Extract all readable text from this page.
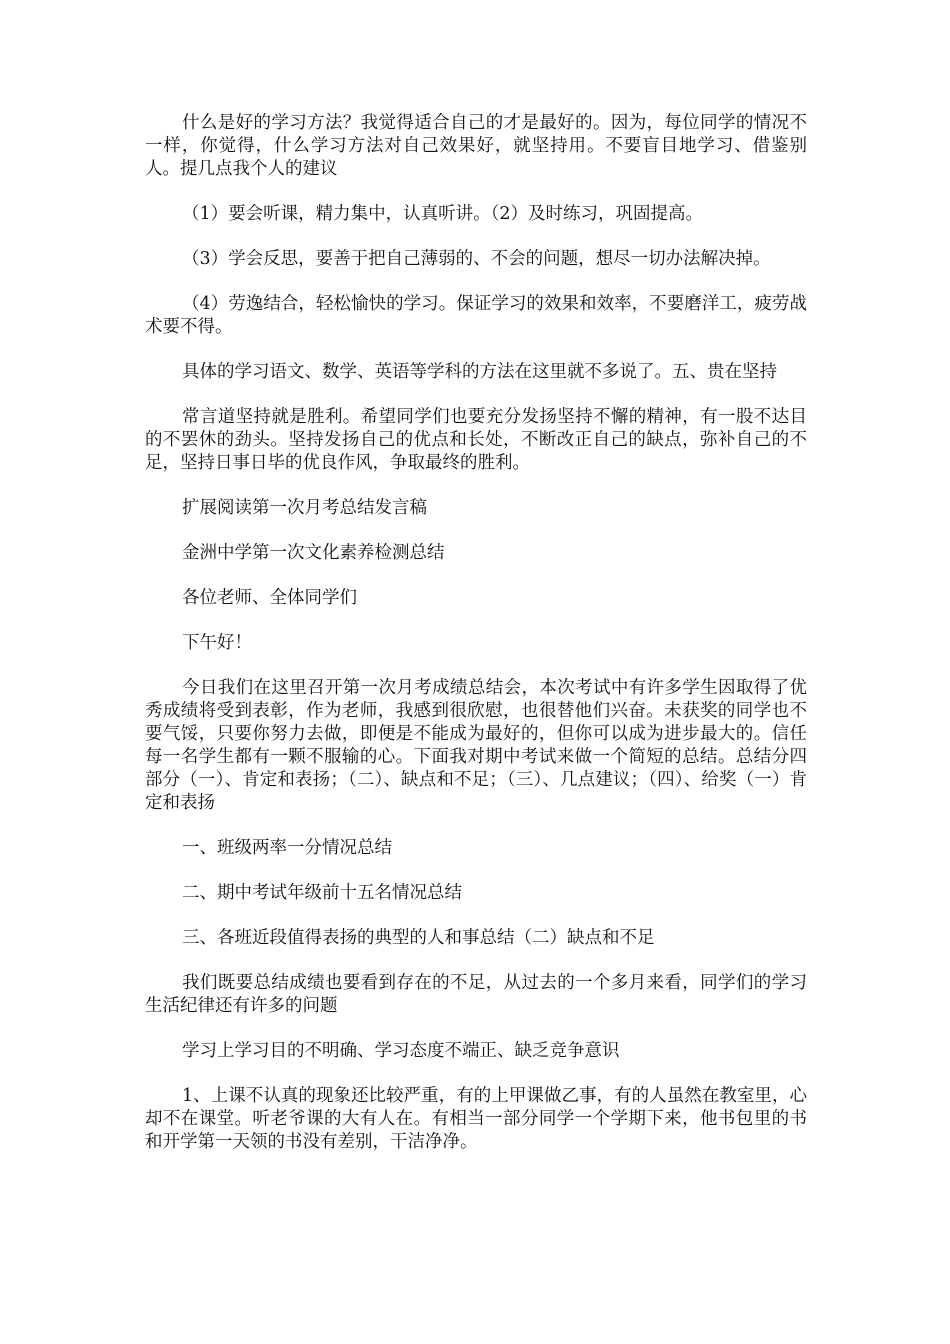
什么是好的学习方法？我觉得适合自己的才是最好的。因为，每位同学的情况不一样，你觉得，什么学习方法对自己效果好，就坚持用。不要盲目地学习、借鉴别人。提几点我个人的建议

（1）要会听课，精力集中，认真听讲。（2）及时练习，巩固提高。

（3）学会反思，要善于把自己薄弱的、不会的问题，想尽一切办法解决掉。

（4）劳逸结合，轻松愉快的学习。保证学习的效果和效率，不要磨洋工，疲劳战术要不得。

具体的学习语文、数学、英语等学科的方法在这里就不多说了。五、贵在坚持

常言道坚持就是胜利。希望同学们也要充分发扬坚持不懈的精神，有一股不达目的不罢休的劲头。坚持发扬自己的优点和长处，不断改正自己的缺点，弥补自己的不足，坚持日事日毕的优良作风，争取最终的胜利。

扩展阅读第一次月考总结发言稿

金洲中学第一次文化素养检测总结

各位老师、全体同学们

下午好！

今日我们在这里召开第一次月考成绩总结会，本次考试中有许多学生因取得了优秀成绩将受到表彰，作为老师，我感到很欣慰，也很替他们兴奋。未获奖的同学也不要气馁，只要你努力去做，即便是不能成为最好的，但你可以成为进步最大的。信任每一名学生都有一颗不服输的心。下面我对期中考试来做一个简短的总结。总结分四部分（一）、肯定和表扬；（二）、缺点和不足；（三）、几点建议；（四）、给奖（一）肯定和表扬

一、班级两率一分情况总结

二、期中考试年级前十五名情况总结

三、各班近段值得表扬的典型的人和事总结（二）缺点和不足

我们既要总结成绩也要看到存在的不足，从过去的一个多月来看，同学们的学习生活纪律还有许多的问题

学习上学习目的不明确、学习态度不端正、缺乏竞争意识

1、上课不认真的现象还比较严重，有的上甲课做乙事，有的人虽然在教室里，心却不在课堂。听老爷课的大有人在。有相当一部分同学一个学期下来，他书包里的书和开学第一天领的书没有差别，干洁净净。
